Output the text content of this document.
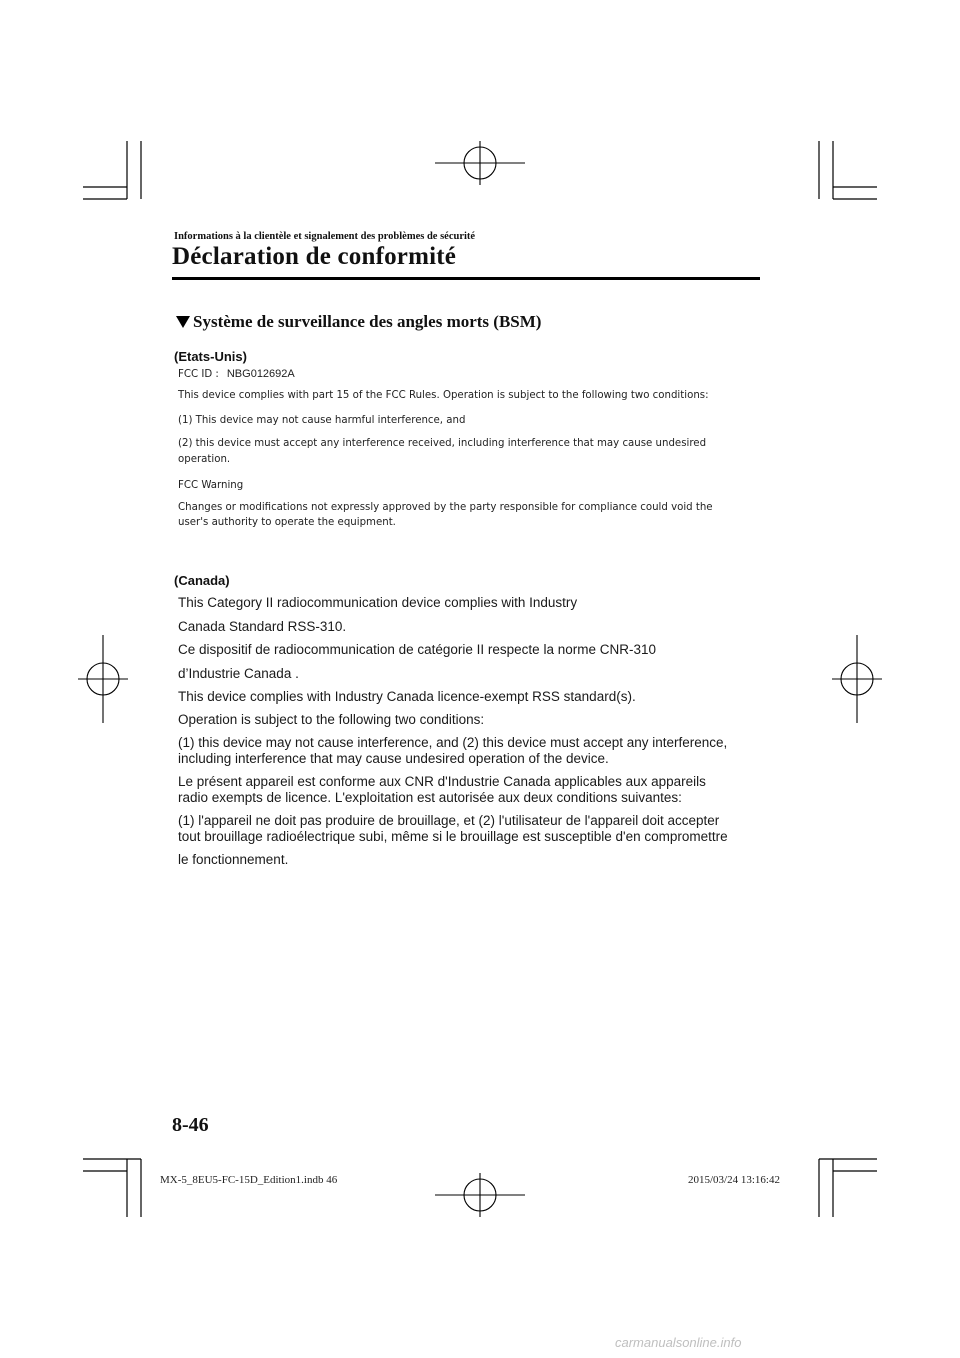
Informations à la clientèle et signalement des problèmes de sécurité
Déclaration de conformité
Système de surveillance des angles morts (BSM)
(Etats-Unis)
FCC ID : NBG012692A
This device complies with part 15 of the FCC Rules. Operation is subject to the following two conditions:
(1) This device may not cause harmful interference, and
(2) this device must accept any interference received, including interference that may cause undesired
operation.
FCC Warning
Changes or modifications not expressly approved by the party responsible for compliance could void the
user's authority to operate the equipment.
(Canada)
This Category II radiocommunication device complies with Industry
Canada Standard RSS-310.
Ce dispositif de radiocommunication de catégorie II respecte la norme CNR-310
d’Industrie Canada .
This device complies with Industry Canada licence-exempt RSS standard(s).
Operation is subject to the following two conditions:
(1) this device may not cause interference, and (2) this device must accept any interference,
including interference that may cause undesired operation of the device.
Le présent appareil est conforme aux CNR d'Industrie Canada applicables aux appareils
radio exempts de licence. L'exploitation est autorisée aux deux conditions suivantes:
(1) l'appareil ne doit pas produire de brouillage, et (2) l'utilisateur de l'appareil doit accepter
tout brouillage radioélectrique subi, même si le brouillage est susceptible d'en compromettre
le fonctionnement.
8-46
MX-5_8EU5-FC-15D_Edition1.indb 46	2015/03/24 13:16:42
carmanualsonline.info
